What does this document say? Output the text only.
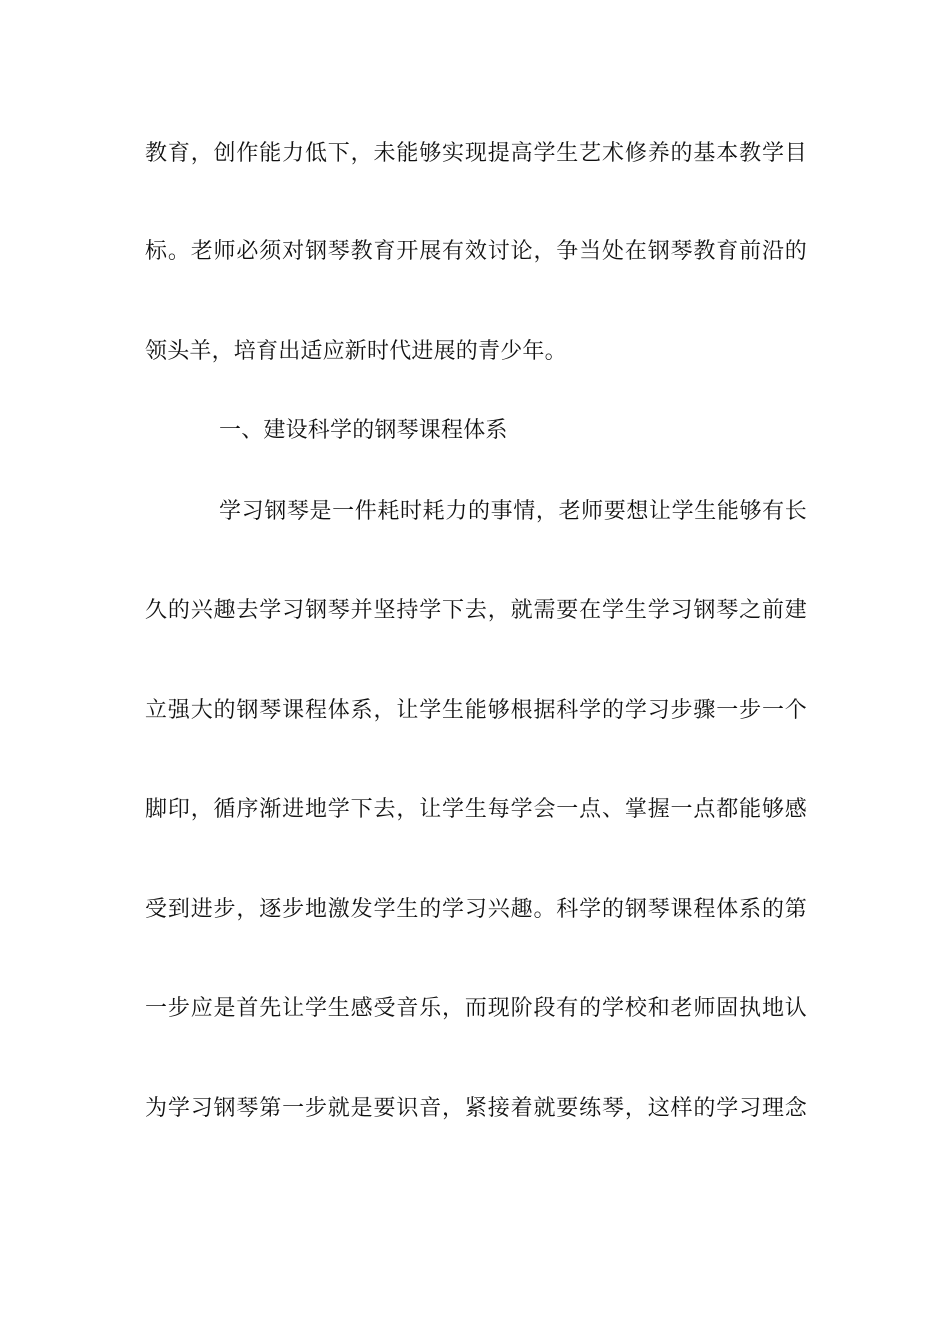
教育，创作能力低下，未能够实现提高学生艺术修养的基本教学目
标。老师必须对钢琴教育开展有效讨论，争当处在钢琴教育前沿的
领头羊，培育出适应新时代进展的青少年。
一、建设科学的钢琴课程体系
学习钢琴是一件耗时耗力的事情，老师要想让学生能够有长
久的兴趣去学习钢琴并坚持学下去，就需要在学生学习钢琴之前建
立强大的钢琴课程体系，让学生能够根据科学的学习步骤一步一个
脚印，循序渐进地学下去，让学生每学会一点、掌握一点都能够感
受到进步，逐步地激发学生的学习兴趣。科学的钢琴课程体系的第
一步应是首先让学生感受音乐，而现阶段有的学校和老师固执地认
为学习钢琴第一步就是要识音，紧接着就要练琴，这样的学习理念
